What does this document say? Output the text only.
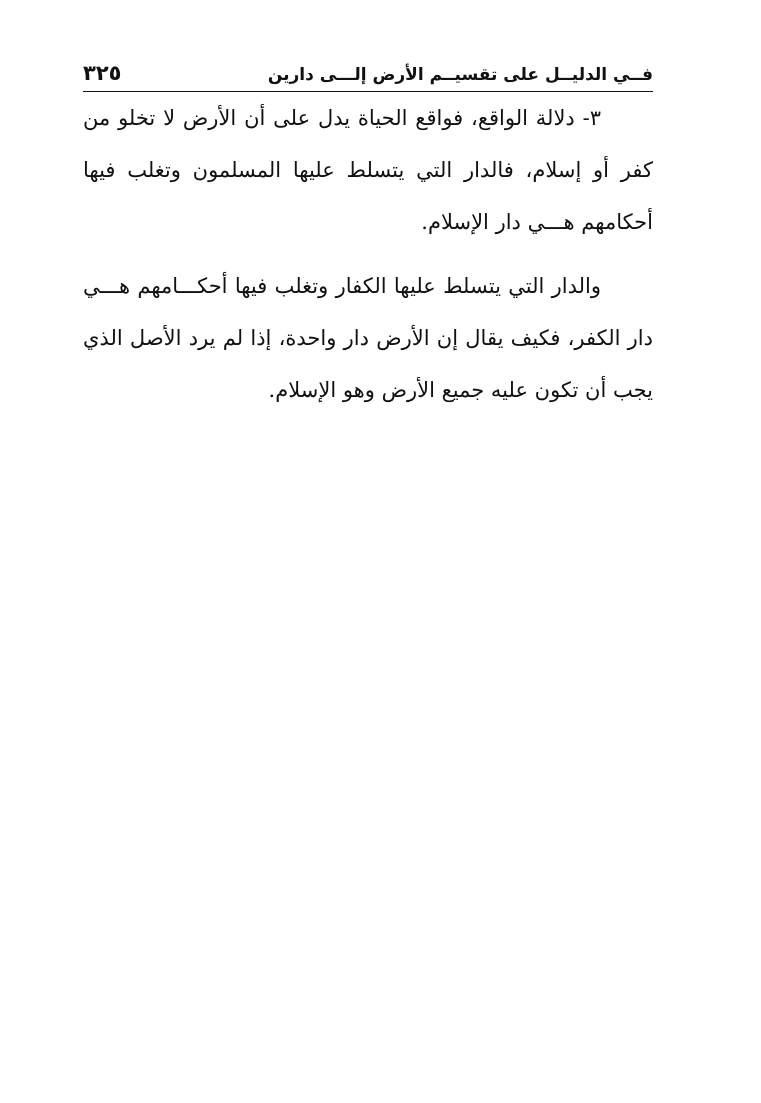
فــي الدليــل على تقسيــم الأرض إلـــى دارين
٣٢٥

٣- دلالة الواقع، فواقع الحياة يدل على أن الأرض لا تخلو من كفر أو إسلام، فالدار التي يتسلط عليها المسلمون وتغلب فيها أحكامهم هـــي دار الإسلام.

والدار التي يتسلط عليها الكفار وتغلب فيها أحكـــامهم هـــي دار الكفر، فكيف يقال إن الأرض دار واحدة، إذا لم يرد الأصل الذي يجب أن تكون عليه جميع الأرض وهو الإسلام.
